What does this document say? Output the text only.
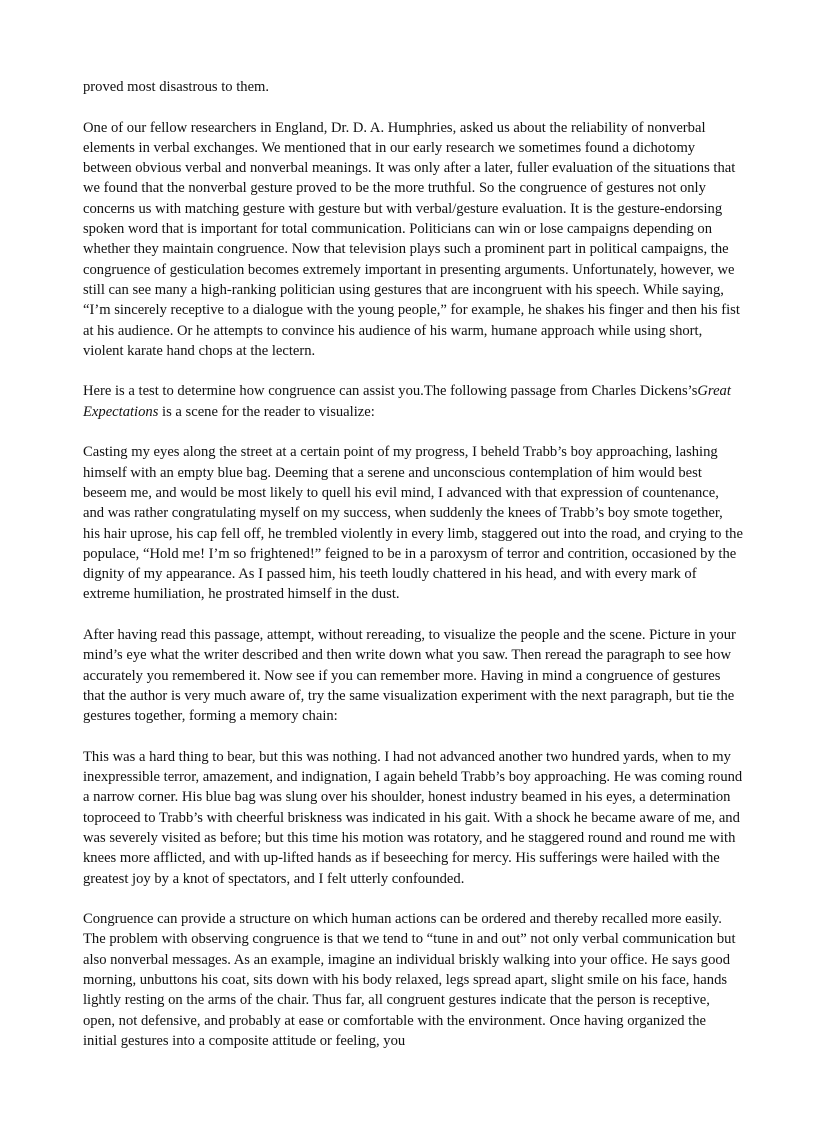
proved most disastrous to them.

One of our fellow researchers in England, Dr. D. A. Humphries, asked us about the reliability of nonverbal elements in verbal exchanges. We mentioned that in our early research we sometimes found a dichotomy between obvious verbal and nonverbal meanings. It was only after a later, fuller evaluation of the situations that we found that the nonverbal gesture proved to be the more truthful. So the congruence of gestures not only concerns us with matching gesture with gesture but with verbal/gesture evaluation. It is the gesture-endorsing spoken word that is important for total communication. Politicians can win or lose campaigns depending on whether they maintain congruence. Now that television plays such a prominent part in political campaigns, the congruence of gesticulation becomes extremely important in presenting arguments. Unfortunately, however, we still can see many a high-ranking politician using gestures that are incongruent with his speech. While saying, “I’m sincerely receptive to a dialogue with the young people,” for example, he shakes his finger and then his fist at his audience. Or he attempts to convince his audience of his warm, humane approach while using short, violent karate hand chops at the lectern.

Here is a test to determine how congruence can assist you.The following passage from Charles Dickens’sGreat Expectations is a scene for the reader to visualize:

Casting my eyes along the street at a certain point of my progress, I beheld Trabb’s boy approaching, lashing himself with an empty blue bag. Deeming that a serene and unconscious contemplation of him would best beseem me, and would be most likely to quell his evil mind, I advanced with that expression of countenance, and was rather congratulating myself on my success, when suddenly the knees of Trabb’s boy smote together, his hair uprose, his cap fell off, he trembled violently in every limb, staggered out into the road, and crying to the populace, “Hold me! I’m so frightened!” feigned to be in a paroxysm of terror and contrition, occasioned by the dignity of my appearance. As I passed him, his teeth loudly chattered in his head, and with every mark of extreme humiliation, he prostrated himself in the dust.

After having read this passage, attempt, without rereading, to visualize the people and the scene. Picture in your mind’s eye what the writer described and then write down what you saw. Then reread the paragraph to see how accurately you remembered it. Now see if you can remember more. Having in mind a congruence of gestures that the author is very much aware of, try the same visualization experiment with the next paragraph, but tie the gestures together, forming a memory chain:

This was a hard thing to bear, but this was nothing. I had not advanced another two hundred yards, when to my inexpressible terror, amazement, and indignation, I again beheld Trabb’s boy approaching. He was coming round a narrow corner. His blue bag was slung over his shoulder, honest industry beamed in his eyes, a determination toproceed to Trabb’s with cheerful briskness was indicated in his gait. With a shock he became aware of me, and was severely visited as before; but this time his motion was rotatory, and he staggered round and round me with knees more afflicted, and with up-lifted hands as if beseeching for mercy. His sufferings were hailed with the greatest joy by a knot of spectators, and I felt utterly confounded.

Congruence can provide a structure on which human actions can be ordered and thereby recalled more easily. The problem with observing congruence is that we tend to “tune in and out” not only verbal communication but also nonverbal messages. As an example, imagine an individual briskly walking into your office. He says good morning, unbuttons his coat, sits down with his body relaxed, legs spread apart, slight smile on his face, hands lightly resting on the arms of the chair. Thus far, all congruent gestures indicate that the person is receptive, open, not defensive, and probably at ease or comfortable with the environment. Once having organized the initial gestures into a composite attitude or feeling, you
